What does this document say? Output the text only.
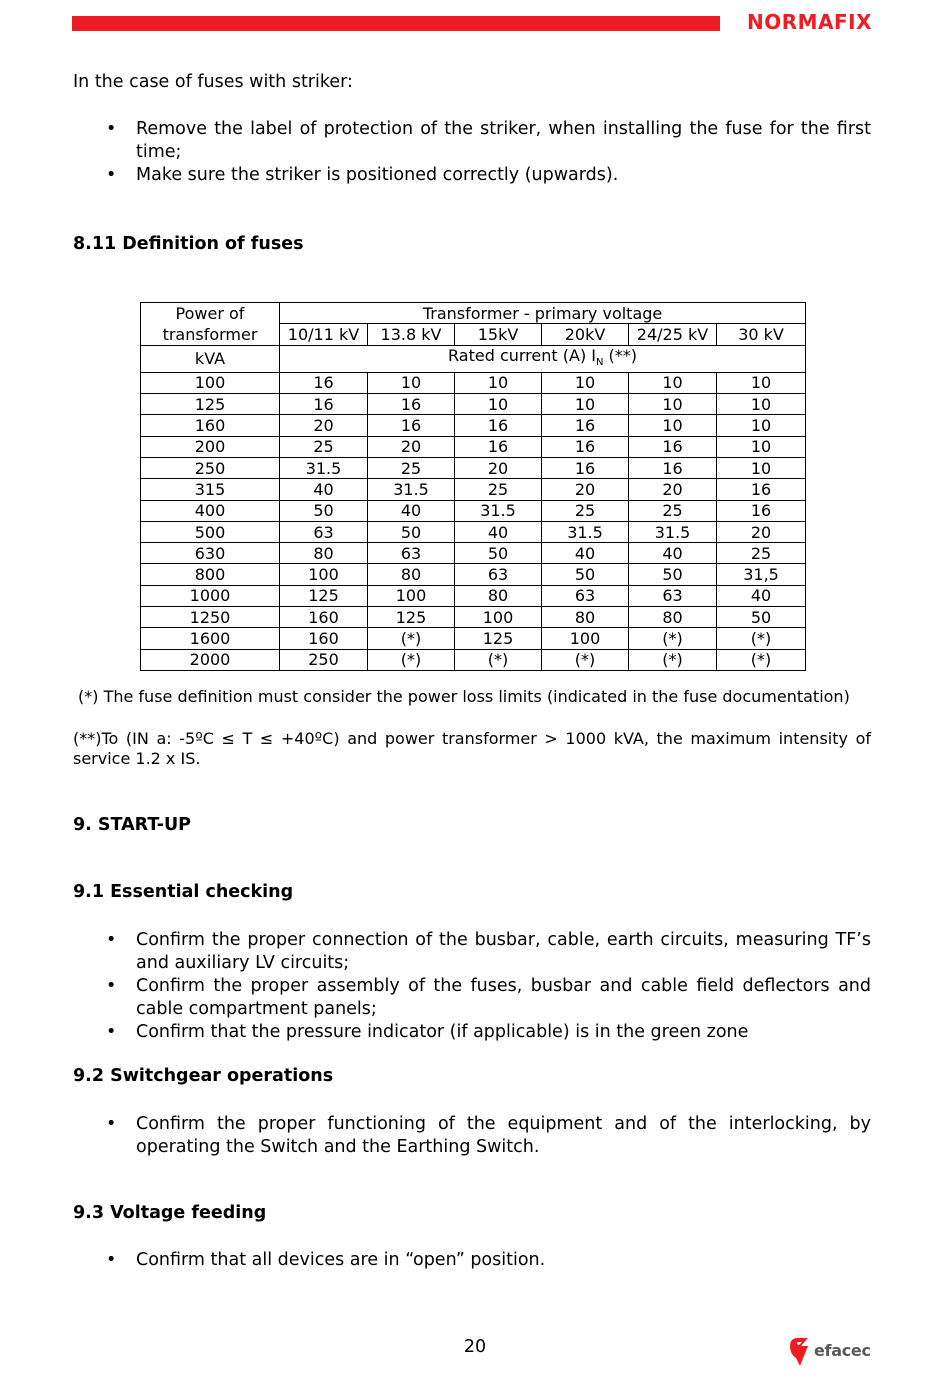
NORMAFIX

In the case of fuses with striker:

• Remove the label of protection of the striker, when installing the fuse for the first time;
• Make sure the striker is positioned correctly (upwards).
8.11 Definition of fuses
Power of	Transformer - primary voltage					
transformer	10/11 kV	13.8 kV	15kV	20kV	24/25 kV	30 kV
kVA	Rated current (A) $I_N$ (**)					
100	16	10	10	10	10	10
125	16	16	10	10	10	10
160	20	16	16	16	10	10
200	25	20	16	16	16	10
250	31.5	25	20	16	16	10
315	40	31.5	25	20	20	16
400	50	40	31.5	25	25	16
500	63	50	40	31.5	31.5	20
630	80	63	50	40	40	25
800	100	80	63	50	50	31,5
1000	125	100	80	63	63	40
1250	160	125	100	80	80	50
1600	160	(*)	125	100	(*)	(*)
2000	250	(*)	(*)	(*)	(*)	(*)
(*) The fuse definition must consider the power loss limits (indicated in the fuse documentation)
(**)To (IN a: -5ºC ≤ T ≤ +40ºC) and power transformer > 1000 kVA, the maximum intensity of service 1.2 x IS.
9. START-UP
9.1 Essential checking
• Confirm the proper connection of the busbar, cable, earth circuits, measuring TF’s and auxiliary LV circuits;
• Confirm the proper assembly of the fuses, busbar and cable field deflectors and cable compartment panels;
• Confirm that the pressure indicator (if applicable) is in the green zone
9.2 Switchgear operations
• Confirm the proper functioning of the equipment and of the interlocking, by operating the Switch and the Earthing Switch.
9.3 Voltage feeding
• Confirm that all devices are in “open” position.
20	efacec
